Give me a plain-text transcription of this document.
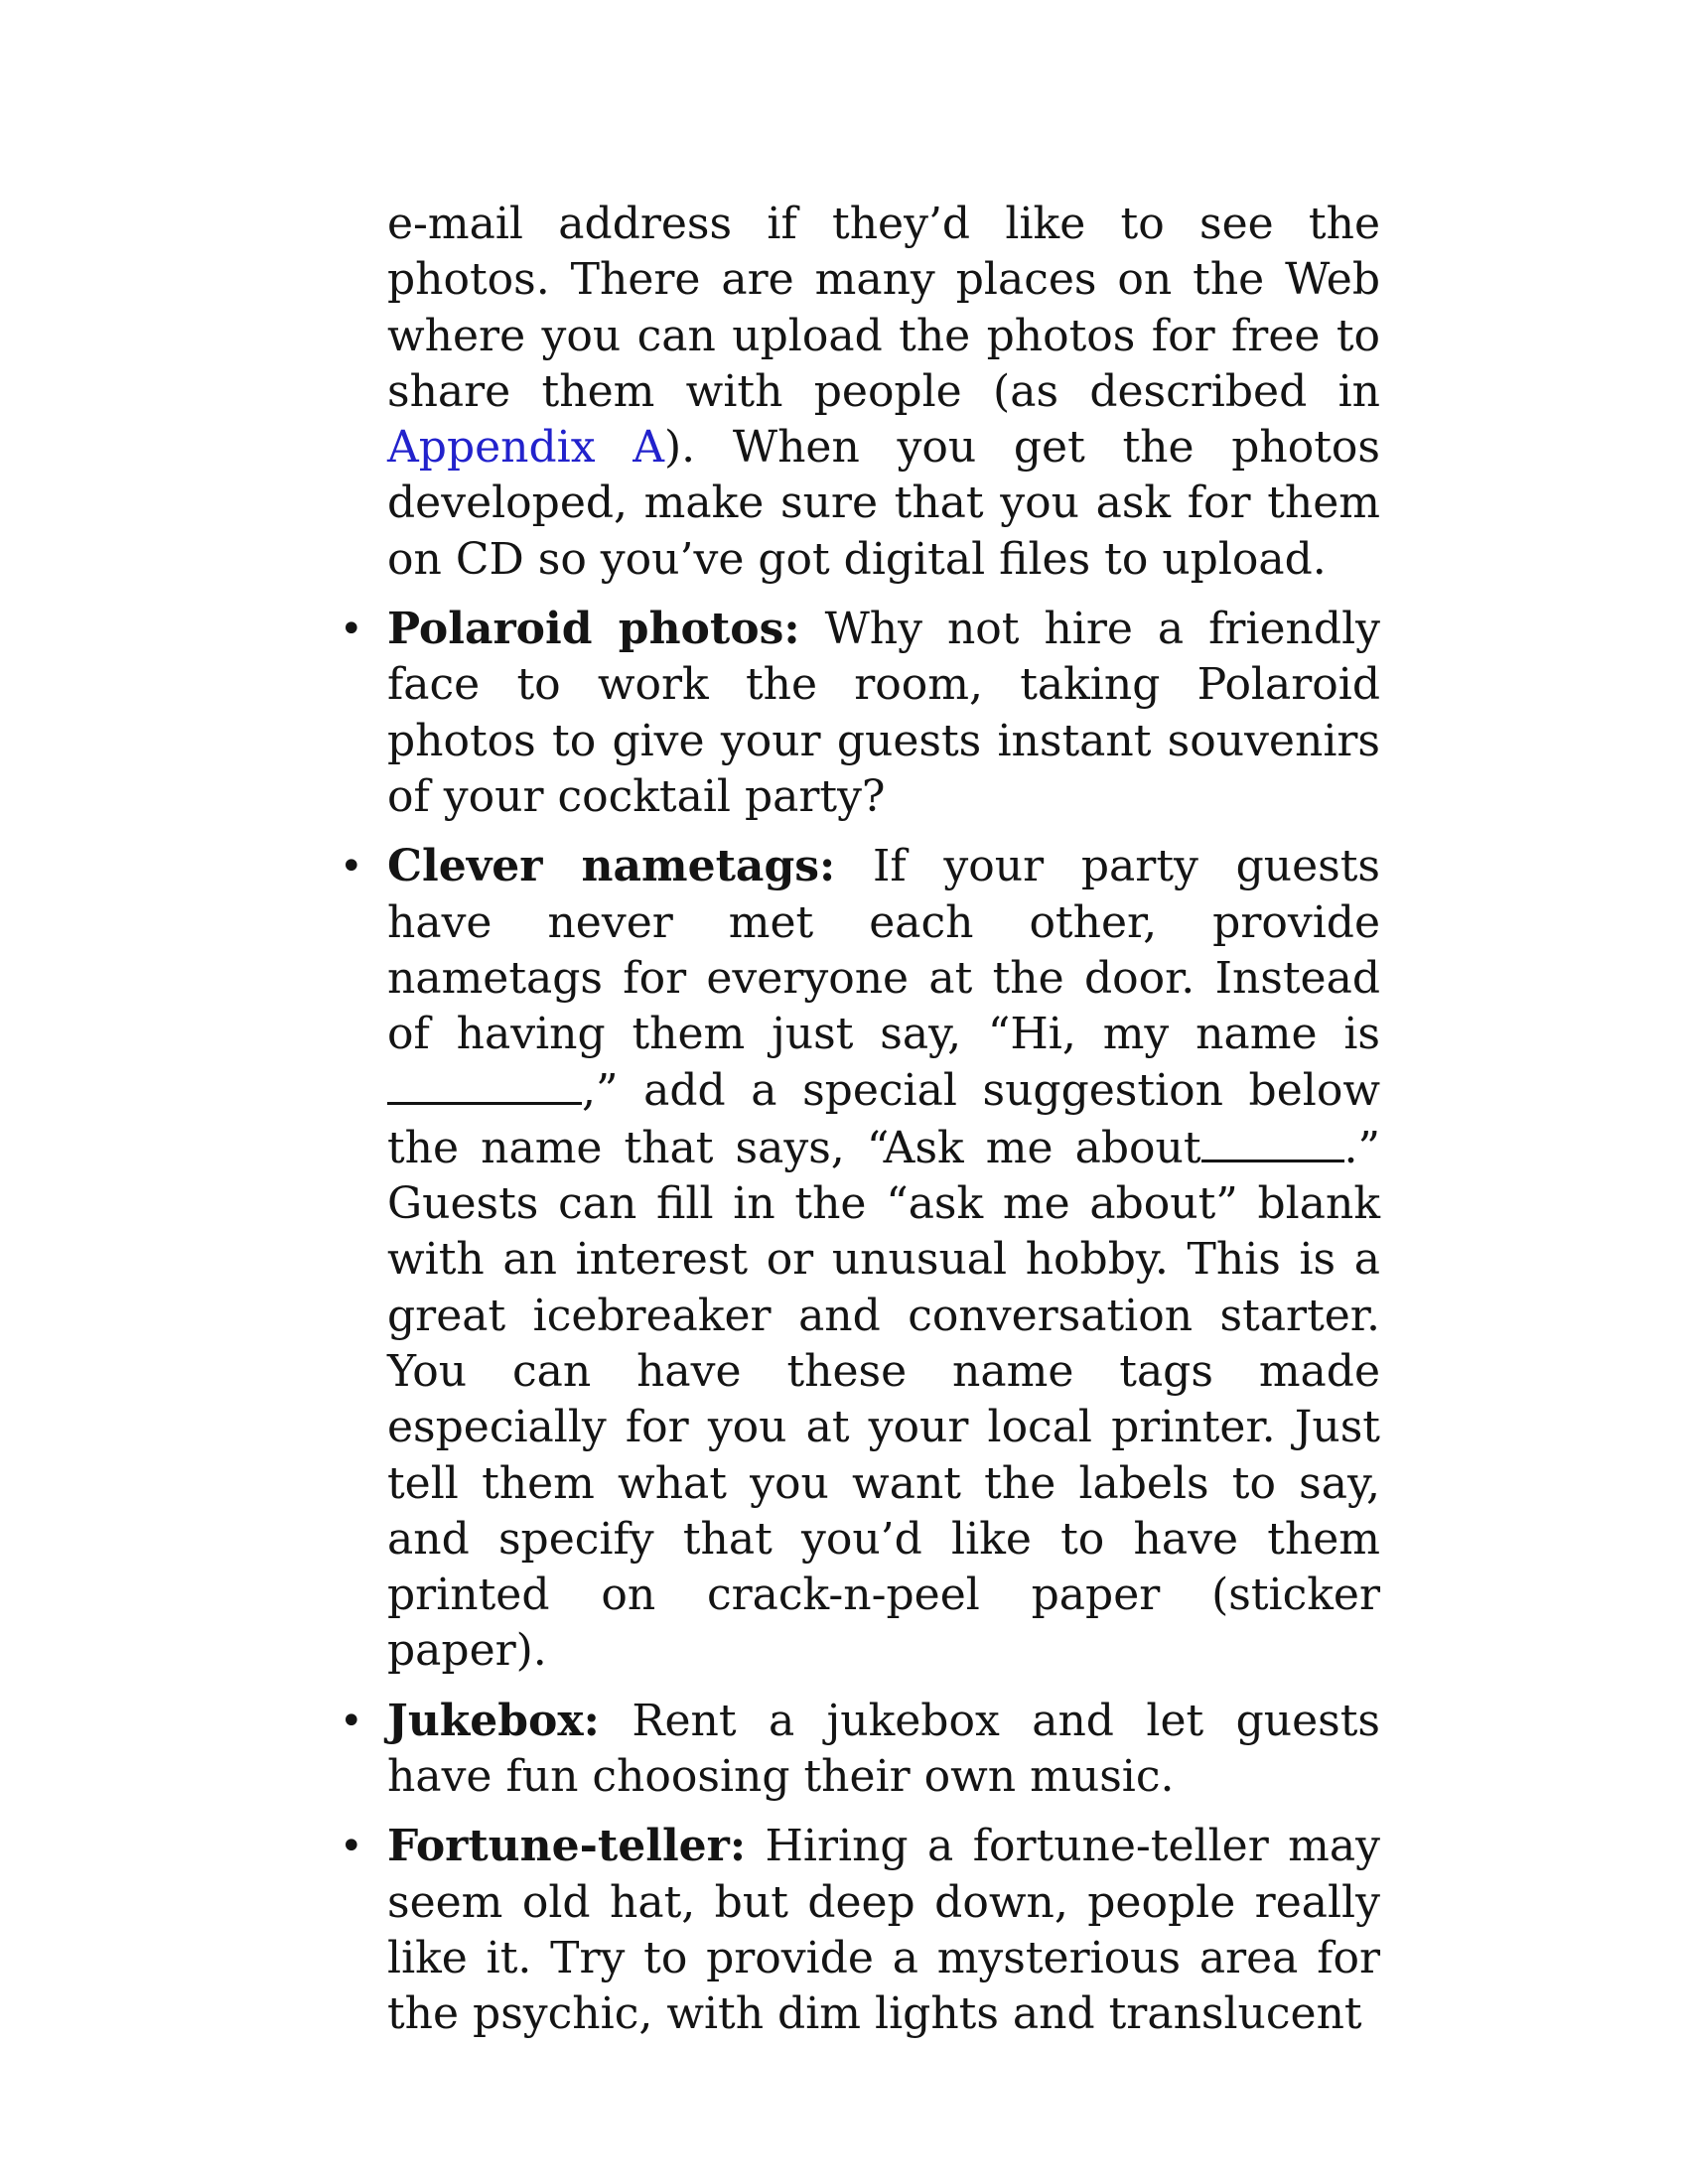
e-mail address if they’d like to see the photos. There are many places on the Web where you can upload the photos for free to share them with people (as described in Appendix A). When you get the photos developed, make sure that you ask for them on CD so you’ve got digital files to upload.

• Polaroid photos: Why not hire a friendly face to work the room, taking Polaroid photos to give your guests instant souvenirs of your cocktail party?
• Clever nametags: If your party guests have never met each other, provide nametags for everyone at the door. Instead of having them just say, “Hi, my name is,” add a special suggestion below the name that says, “Ask me about	.” Guests can fill in the “ask me about” blank with an interest or unusual hobby. This is a great icebreaker and conversation starter. You can have these name tags made especially for you at your local printer. Just tell them what you want the labels to say, and specify that you’d like to have them printed on crack-n-peel paper (sticker paper).
• Jukebox: Rent a jukebox and let guests have fun choosing their own music.
• Fortune-teller: Hiring a fortune-teller may seem old hat, but deep down, people really like it. Try to provide a mysterious area for the psychic, with dim lights and translucent
